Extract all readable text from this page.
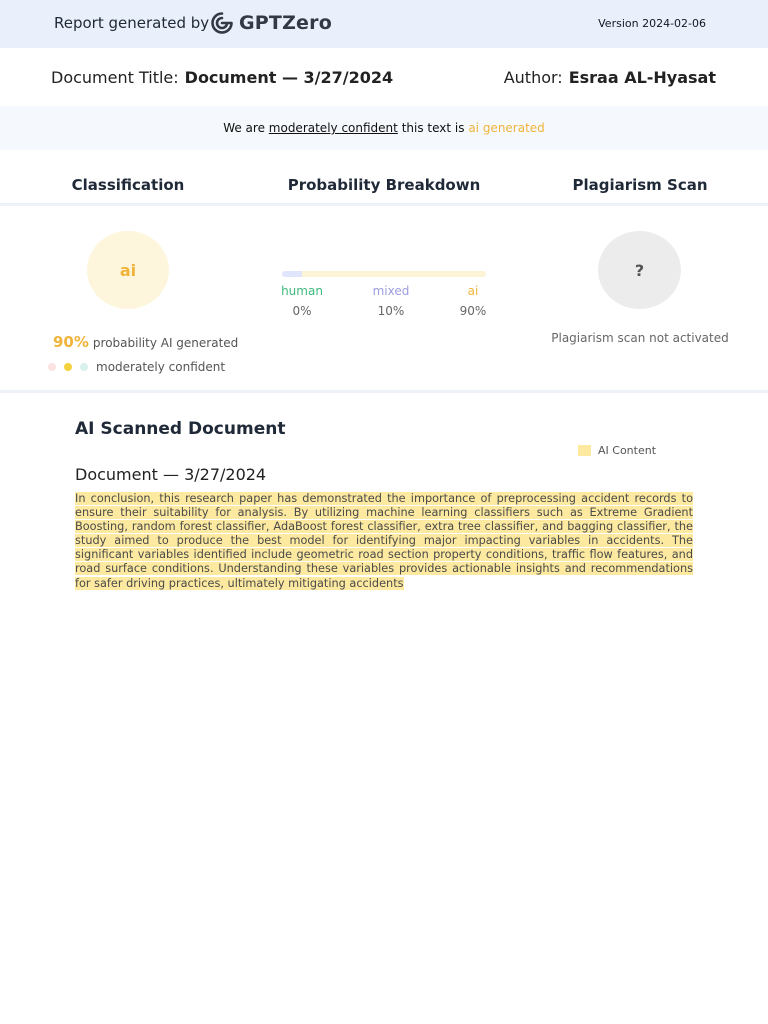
Report generated by GPTZero	Version 2024-02-06
Document Title: Document — 3/27/2024	Author: Esraa AL-Hyasat
We are moderately confident this text is ai generated
Classification	Probability Breakdown	Plagiarism Scan
ai
90% probability AI generated
moderately confident
human	mixed	ai
0%	10%	90%
?
Plagiarism scan not activated
AI Scanned Document
AI Content
Document — 3/27/2024
In conclusion, this research paper has demonstrated the importance of preprocessing accident records to ensure their suitability for analysis. By utilizing machine learning classifiers such as Extreme Gradient Boosting, random forest classifier, AdaBoost forest classifier, extra tree classifier, and bagging classifier, the study aimed to produce the best model for identifying major impacting variables in accidents. The significant variables identified include geometric road section property conditions, traffic flow features, and road surface conditions. Understanding these variables provides actionable insights and recommendations for safer driving practices, ultimately mitigating accidents
